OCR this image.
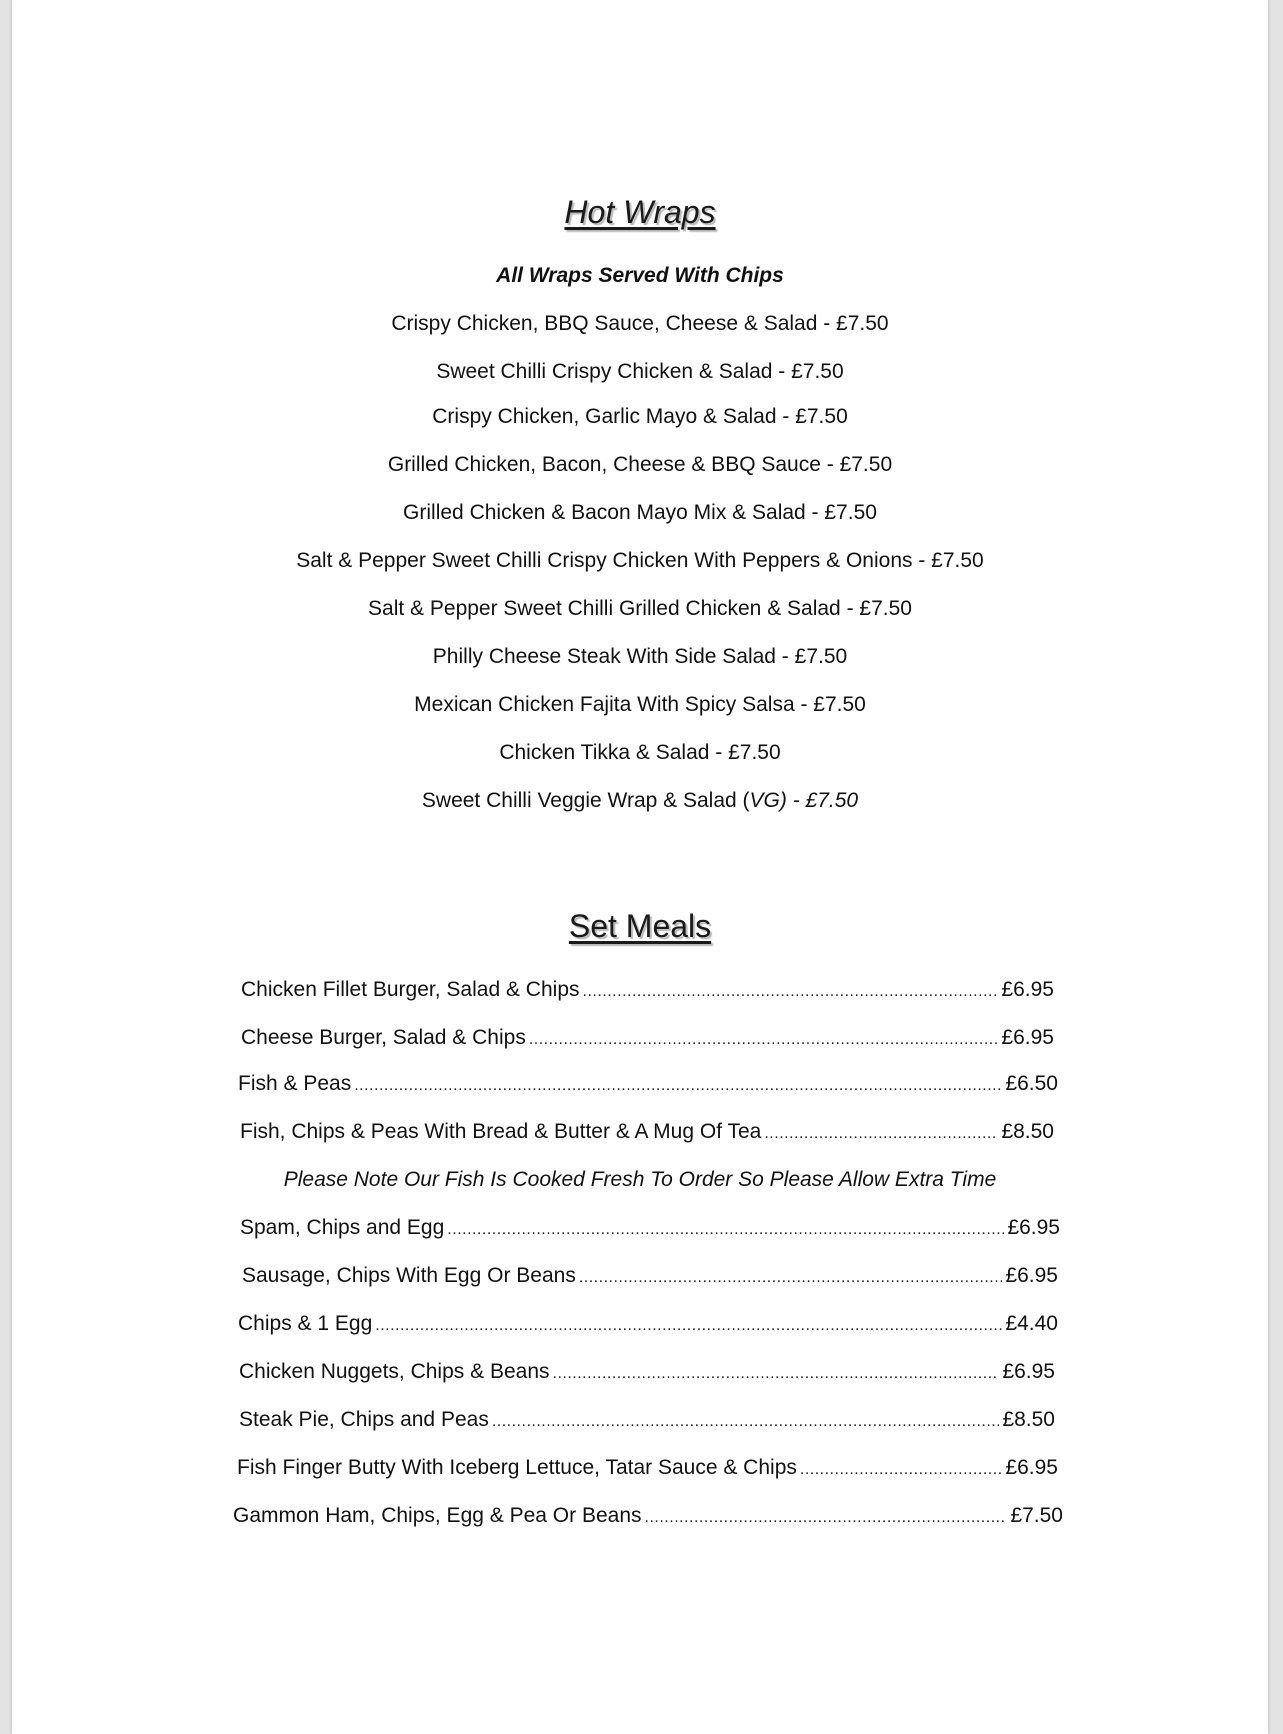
Hot Wraps
All Wraps Served With Chips
Crispy Chicken, BBQ Sauce, Cheese & Salad - £7.50
Sweet Chilli Crispy Chicken & Salad - £7.50
Crispy Chicken, Garlic Mayo & Salad - £7.50
Grilled Chicken, Bacon, Cheese & BBQ Sauce - £7.50
Grilled Chicken & Bacon Mayo Mix & Salad - £7.50
Salt & Pepper Sweet Chilli Crispy Chicken With Peppers & Onions - £7.50
Salt & Pepper Sweet Chilli Grilled Chicken & Salad - £7.50
Philly Cheese Steak With Side Salad - £7.50
Mexican Chicken Fajita With Spicy Salsa - £7.50
Chicken Tikka & Salad - £7.50
Sweet Chilli Veggie Wrap & Salad (VG) - £7.50
Set Meals
Chicken Fillet Burger, Salad & Chips .....	£6.95
Cheese Burger, Salad & Chips .....	£6.95
Fish & Peas .....	£6.50
Fish, Chips & Peas With Bread & Butter & A Mug Of Tea .....	£8.50
Please Note Our Fish Is Cooked Fresh To Order So Please Allow Extra Time
Spam, Chips and Egg .....	£6.95
Sausage, Chips With Egg Or Beans .....	£6.95
Chips & 1 Egg .....	£4.40
Chicken Nuggets, Chips & Beans .....	£6.95
Steak Pie, Chips and Peas .....	£8.50
Fish Finger Butty With Iceberg Lettuce, Tatar Sauce & Chips .....	£6.95
Gammon Ham, Chips, Egg & Pea Or Beans .....	£7.50
